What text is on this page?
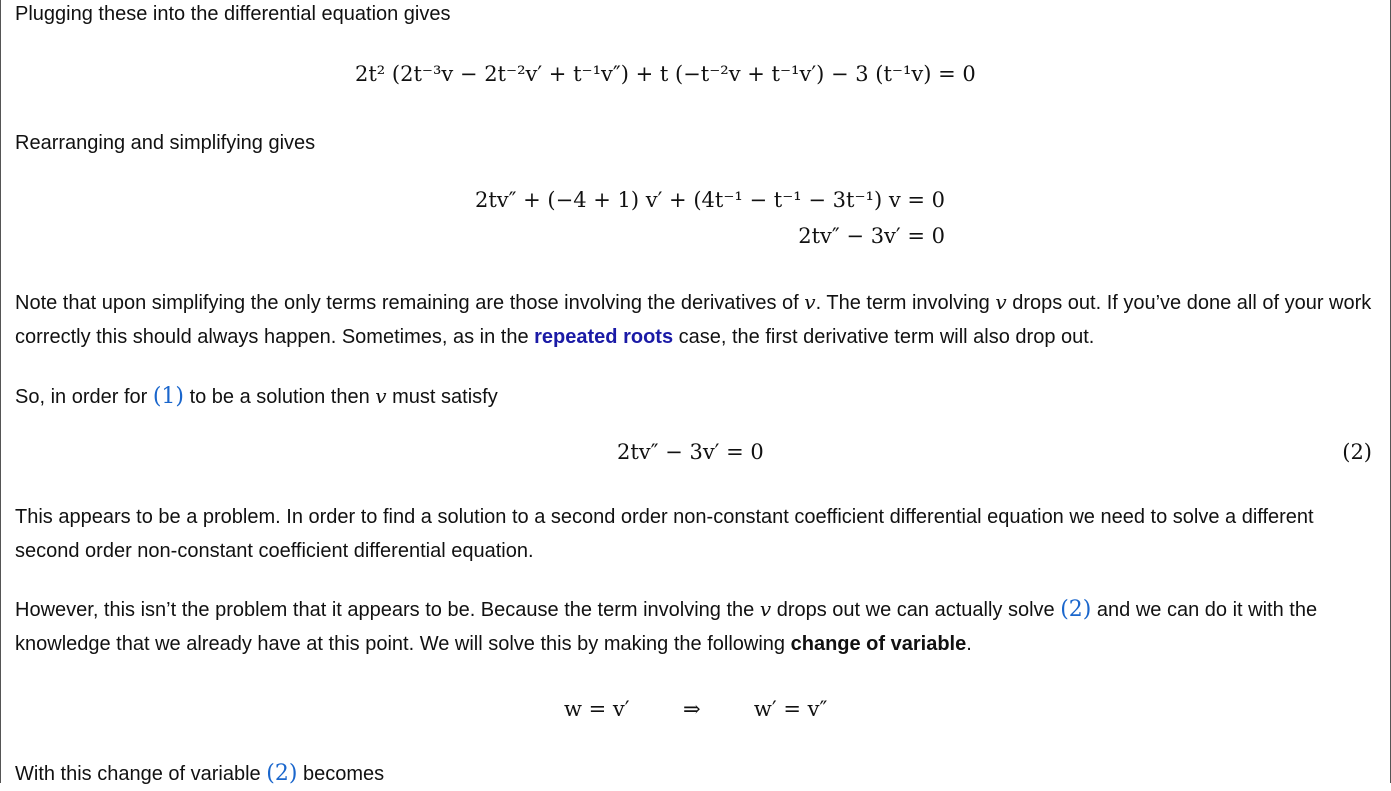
Plugging these into the differential equation gives

2t² (2t⁻³v − 2t⁻²v′ + t⁻¹v″) + t (−t⁻²v + t⁻¹v′) − 3 (t⁻¹v) = 0

Rearranging and simplifying gives

2tv″ + (−4 + 1) v′ + (4t⁻¹ − t⁻¹ − 3t⁻¹) v = 0
2tv″ − 3v′ = 0

Note that upon simplifying the only terms remaining are those involving the derivatives of v. The term involving v drops out. If you’ve done all of your work correctly this should always happen. Sometimes, as in the repeated roots case, the first derivative term will also drop out.

So, in order for (1) to be a solution then v must satisfy

2tv″ − 3v′ = 0	(2)

This appears to be a problem. In order to find a solution to a second order non-constant coefficient differential equation we need to solve a different second order non-constant coefficient differential equation.

However, this isn’t the problem that it appears to be. Because the term involving the v drops out we can actually solve (2) and we can do it with the knowledge that we already have at this point. We will solve this by making the following change of variable.

w = v′	⇒	w′ = v″

With this change of variable (2) becomes
